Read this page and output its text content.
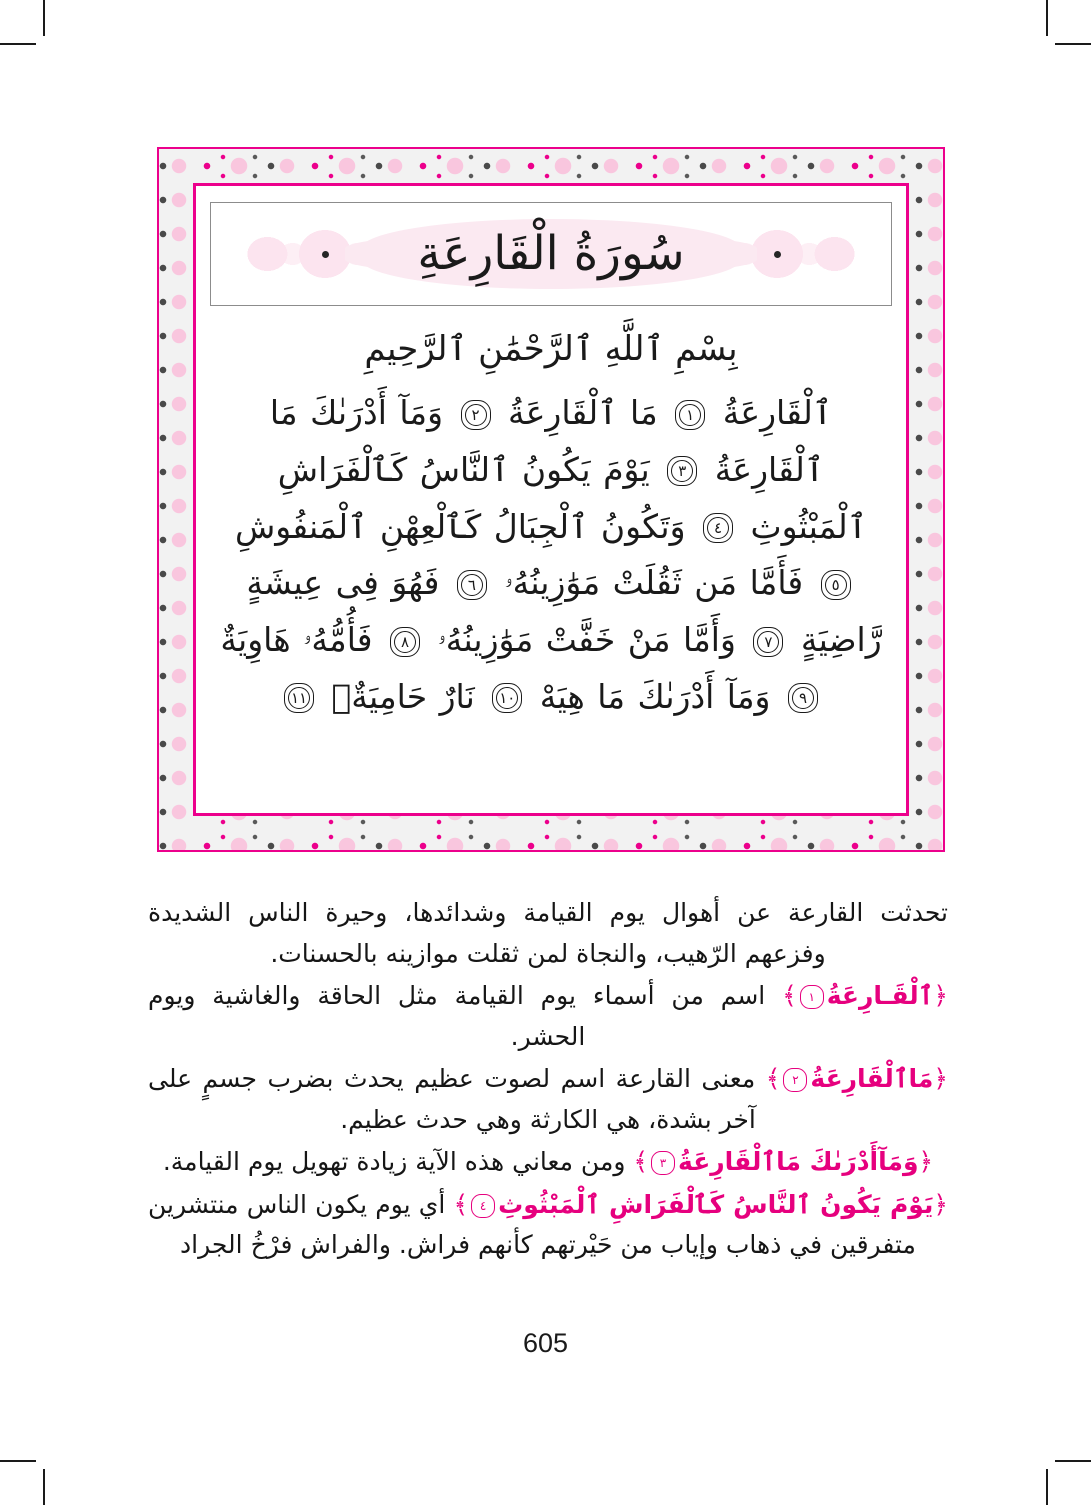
سُورَةُ الْقَارِعَةِ
بِسْمِ ٱللَّهِ ٱلرَّحْمَٰنِ ٱلرَّحِيمِ
ٱلْقَارِعَةُ ١ مَا ٱلْقَارِعَةُ ٢ وَمَآ أَدْرَىٰكَ مَا ٱلْقَارِعَةُ ٣ يَوْمَ يَكُونُ ٱلنَّاسُ كَٱلْفَرَاشِ ٱلْمَبْثُوثِ ٤ وَتَكُونُ ٱلْجِبَالُ كَٱلْعِهْنِ ٱلْمَنفُوشِ ٥ فَأَمَّا مَن ثَقُلَتْ مَوَٰزِينُهُۥ ٦ فَهُوَ فِى عِيشَةٍ رَّاضِيَةٍ ٧ وَأَمَّا مَنْ خَفَّتْ مَوَٰزِينُهُۥ ٨ فَأُمُّهُۥ هَاوِيَةٌ ٩ وَمَآ أَدْرَىٰكَ مَا هِيَهْ ١٠ نَارٌ حَامِيَةٌۢ ١١

تحدثت القارعة عن أهوال يوم القيامة وشدائدها، وحيرة الناس الشديدة وفزعهم الرّهيب، والنجاة لمن ثقلت موازينه بالحسنات.

﴿ٱلْقَـارِعَةُ١﴾ اسم من أسماء يوم القيامة مثل الحاقة والغاشية ويوم الحشر.

﴿مَاٱلْقَارِعَةُ٢﴾ معنى القارعة اسم لصوت عظيم يحدث بضرب جسمٍ على آخر بشدة، هي الكارثة وهي حدث عظيم.

﴿وَمَآأَدْرَىٰكَ مَاٱلْقَارِعَةُ٣﴾ ومن معاني هذه الآية زيادة تهويل يوم القيامة.

﴿يَوْمَ يَكُونُ ٱلنَّاسُ كَٱلْفَرَاشِ ٱلْمَبْثُوثِ٤﴾ أي يوم يكون الناس منتشرين متفرقين في ذهاب وإياب من حَيْرتهم كأنهم فراش. والفراش فرْخُ الجراد

605
